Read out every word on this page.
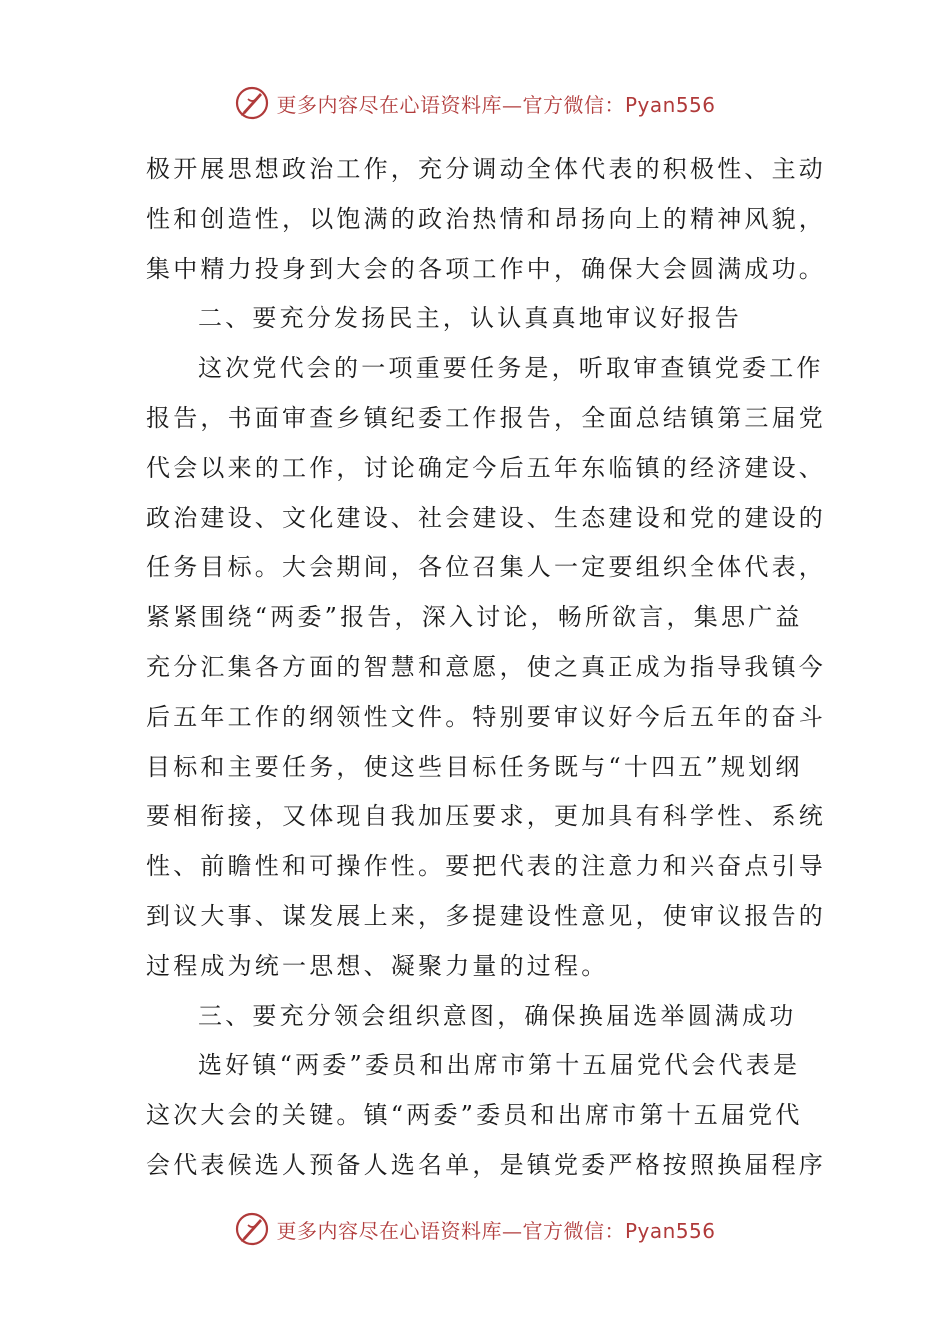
更多内容尽在心语资料库—官方微信：Pyan556
极开展思想政治工作，充分调动全体代表的积极性、主动
性和创造性，以饱满的政治热情和昂扬向上的精神风貌，
集中精力投身到大会的各项工作中，确保大会圆满成功。
二、要充分发扬民主，认认真真地审议好报告
这次党代会的一项重要任务是，听取审查镇党委工作
报告，书面审查乡镇纪委工作报告，全面总结镇第三届党
代会以来的工作，讨论确定今后五年东临镇的经济建设、
政治建设、文化建设、社会建设、生态建设和党的建设的
任务目标。大会期间，各位召集人一定要组织全体代表，
紧紧围绕“两委”报告，深入讨论，畅所欲言，集思广益
充分汇集各方面的智慧和意愿，使之真正成为指导我镇今
后五年工作的纲领性文件。特别要审议好今后五年的奋斗
目标和主要任务，使这些目标任务既与“十四五”规划纲
要相衔接，又体现自我加压要求，更加具有科学性、系统
性、前瞻性和可操作性。要把代表的注意力和兴奋点引导
到议大事、谋发展上来，多提建设性意见，使审议报告的
过程成为统一思想、凝聚力量的过程。
三、要充分领会组织意图，确保换届选举圆满成功
选好镇“两委”委员和出席市第十五届党代会代表是
这次大会的关键。镇“两委”委员和出席市第十五届党代
会代表候选人预备人选名单，是镇党委严格按照换届程序
更多内容尽在心语资料库—官方微信：Pyan556
